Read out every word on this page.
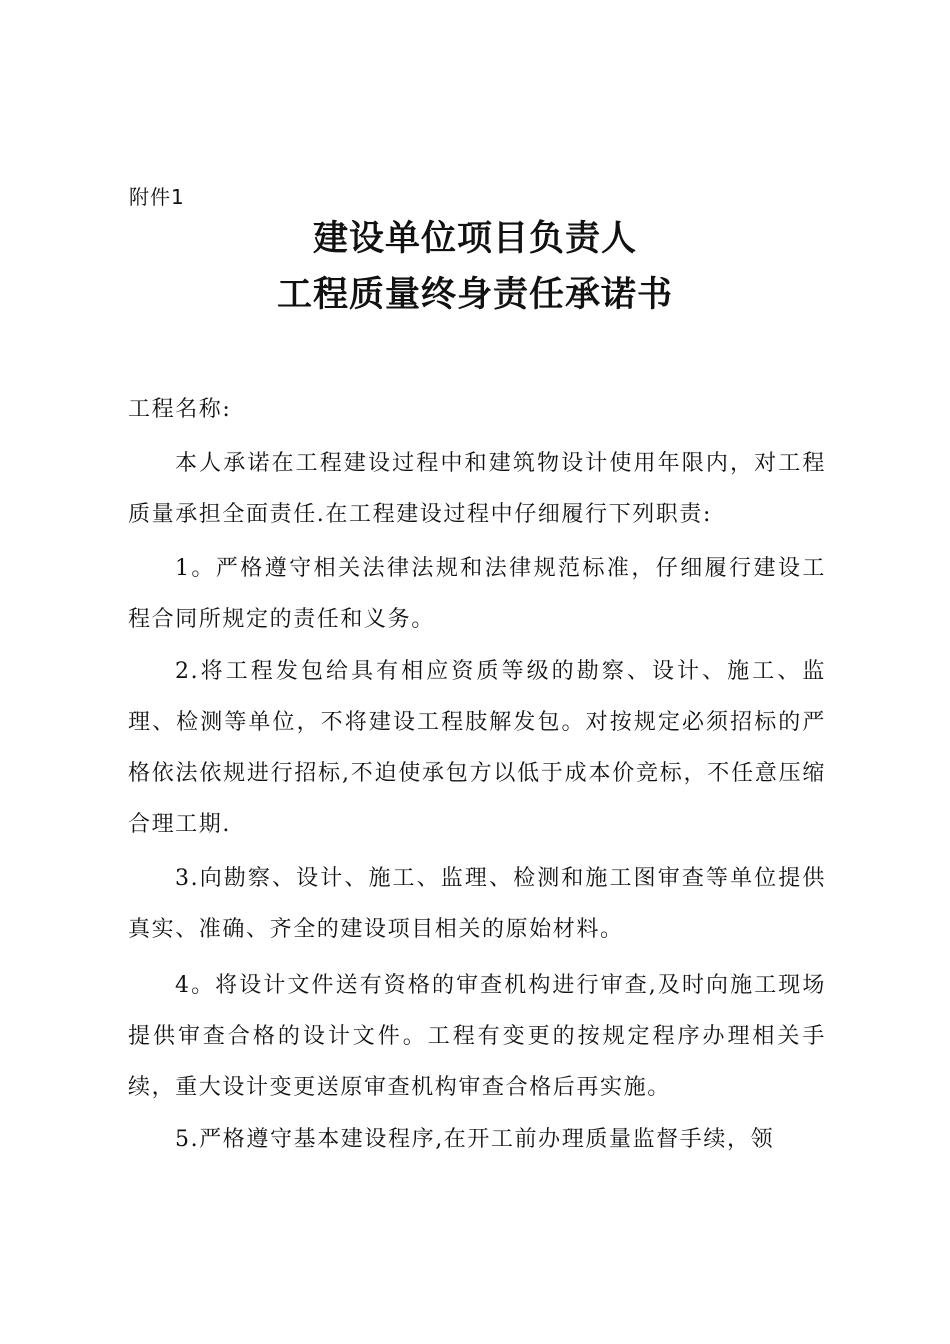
附件1
建设单位项目负责人
工程质量终身责任承诺书
工程名称:

本人承诺在工程建设过程中和建筑物设计使用年限内，对工程质量承担全面责任.在工程建设过程中仔细履行下列职责:

1。严格遵守相关法律法规和法律规范标准，仔细履行建设工程合同所规定的责任和义务。

2.将工程发包给具有相应资质等级的勘察、设计、施工、监理、检测等单位，不将建设工程肢解发包。对按规定必须招标的严格依法依规进行招标,不迫使承包方以低于成本价竞标，不任意压缩合理工期.

3.向勘察、设计、施工、监理、检测和施工图审查等单位提供真实、准确、齐全的建设项目相关的原始材料。

4。将设计文件送有资格的审查机构进行审查,及时向施工现场提供审查合格的设计文件。工程有变更的按规定程序办理相关手续，重大设计变更送原审查机构审查合格后再实施。

5.严格遵守基本建设程序,在开工前办理质量监督手续，领
